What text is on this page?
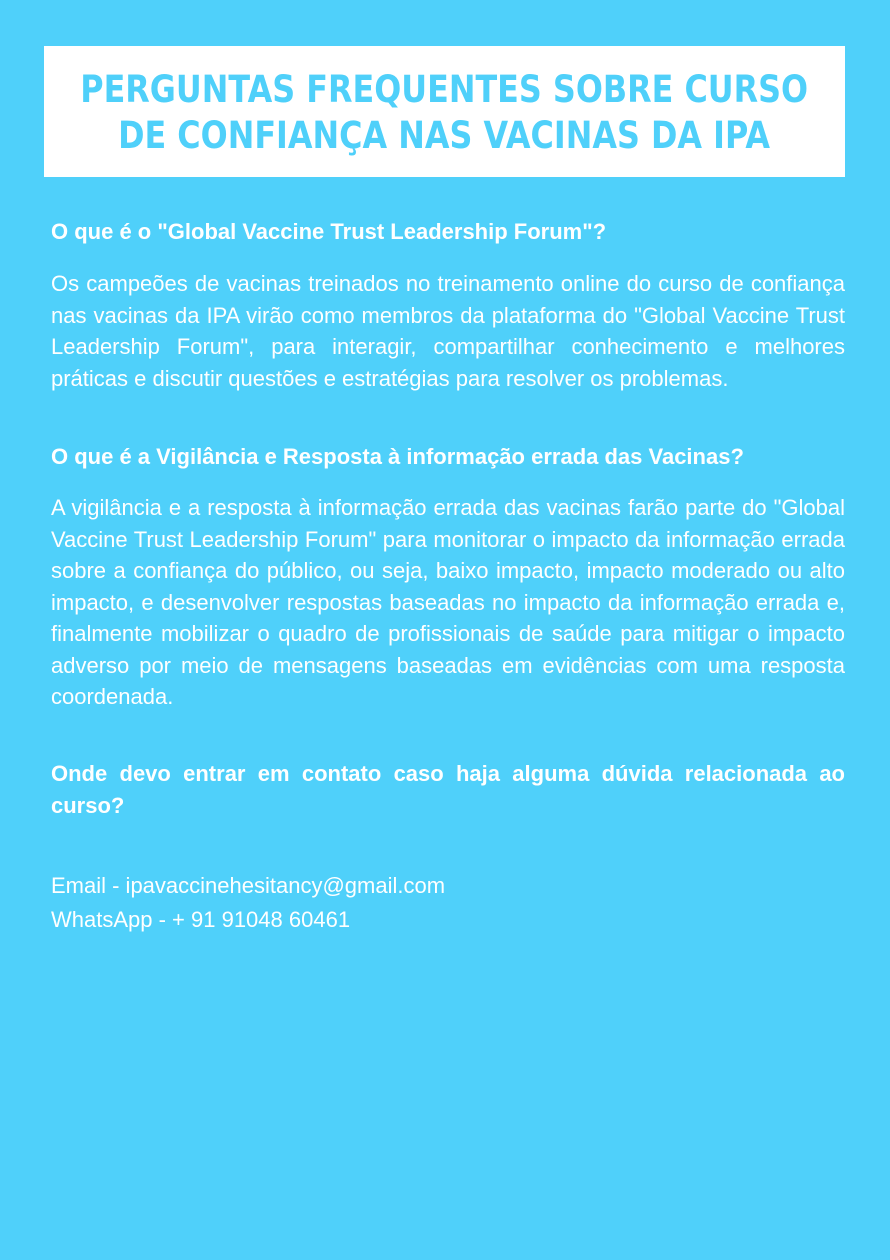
PERGUNTAS FREQUENTES SOBRE CURSO
DE CONFIANÇA NAS VACINAS DA IPA

O que é o "Global Vaccine Trust Leadership Forum"?

Os campeões de vacinas treinados no treinamento online do curso de confiança nas vacinas da IPA virão como membros da plataforma do "Global Vaccine Trust Leadership Forum", para interagir, compartilhar conhecimento e melhores práticas e discutir questões e estratégias para resolver os problemas.

O que é a Vigilância e Resposta à informação errada das Vacinas?

A vigilância e a resposta à informação errada das vacinas farão parte do "Global Vaccine Trust Leadership Forum" para monitorar o impacto da informação errada sobre a confiança do público, ou seja, baixo impacto, impacto moderado ou alto impacto, e desenvolver respostas baseadas no impacto da informação errada e, finalmente mobilizar o quadro de profissionais de saúde para mitigar o impacto adverso por meio de mensagens baseadas em evidências com uma resposta coordenada.

Onde devo entrar em contato caso haja alguma dúvida relacionada ao curso?

Email - ipavaccinehesitancy@gmail.com

WhatsApp - + 91 91048 60461
